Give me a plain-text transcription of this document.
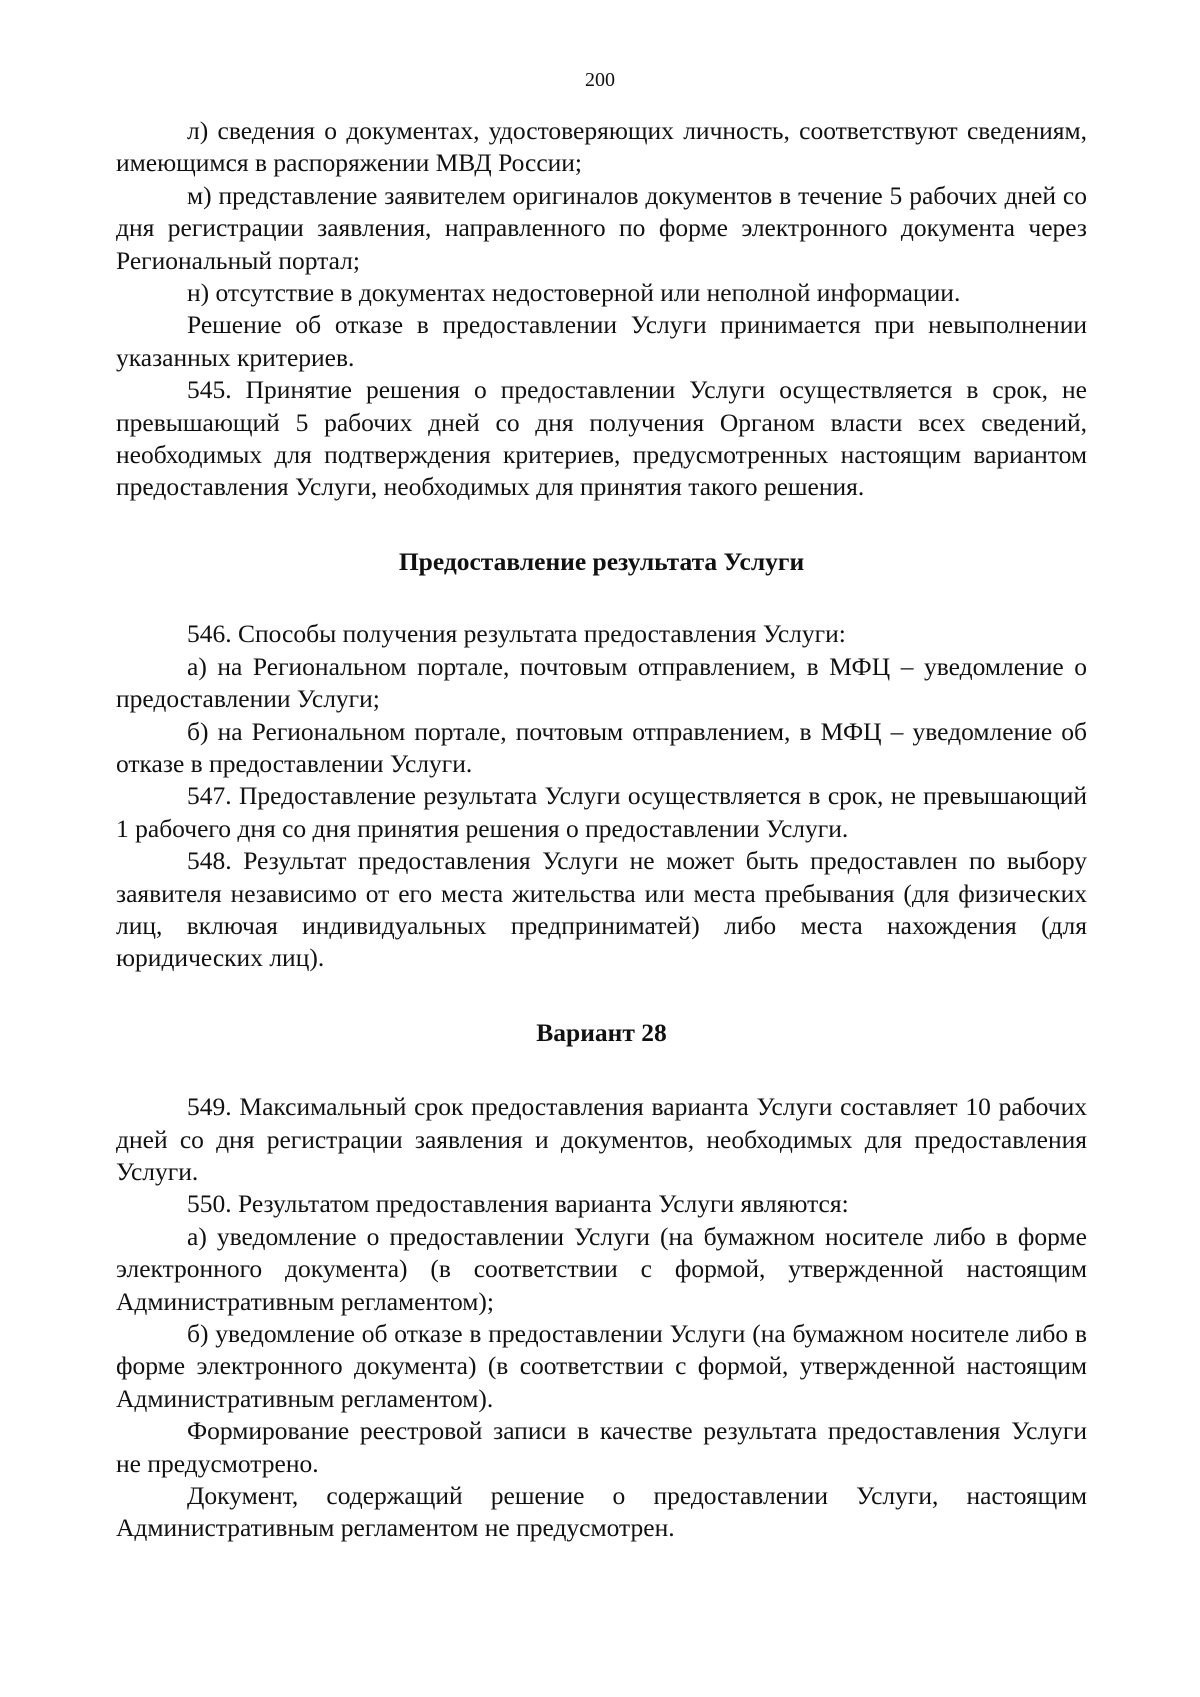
200

л) сведения о документах, удостоверяющих личность, соответствуют сведениям, имеющимся в распоряжении МВД России;

м) представление заявителем оригиналов документов в течение 5 рабочих дней со дня регистрации заявления, направленного по форме электронного документа через Региональный портал;

н) отсутствие в документах недостоверной или неполной информации.

Решение об отказе в предоставлении Услуги принимается при невыполнении указанных критериев.

545. Принятие решения о предоставлении Услуги осуществляется в срок, не превышающий 5 рабочих дней со дня получения Органом власти всех сведений, необходимых для подтверждения критериев, предусмотренных настоящим вариантом предоставления Услуги, необходимых для принятия такого решения.

Предоставление результата Услуги

546. Способы получения результата предоставления Услуги:

а) на Региональном портале, почтовым отправлением, в МФЦ – уведомление о предоставлении Услуги;

б) на Региональном портале, почтовым отправлением, в МФЦ – уведомление об отказе в предоставлении Услуги.

547. Предоставление результата Услуги осуществляется в срок, не превышающий 1 рабочего дня со дня принятия решения о предоставлении Услуги.

548. Результат предоставления Услуги не может быть предоставлен по выбору заявителя независимо от его места жительства или места пребывания (для физических лиц, включая индивидуальных предприниматей) либо места нахождения (для юридических лиц).

Вариант 28

549. Максимальный срок предоставления варианта Услуги составляет 10 рабочих дней со дня регистрации заявления и документов, необходимых для предоставления Услуги.

550. Результатом предоставления варианта Услуги являются:

а) уведомление о предоставлении Услуги (на бумажном носителе либо в форме электронного документа) (в соответствии с формой, утвержденной настоящим Административным регламентом);

б) уведомление об отказе в предоставлении Услуги (на бумажном носителе либо в форме электронного документа) (в соответствии с формой, утвержденной настоящим Административным регламентом).

Формирование реестровой записи в качестве результата предоставления Услуги не предусмотрено.

Документ, содержащий решение о предоставлении Услуги, настоящим Административным регламентом не предусмотрен.
